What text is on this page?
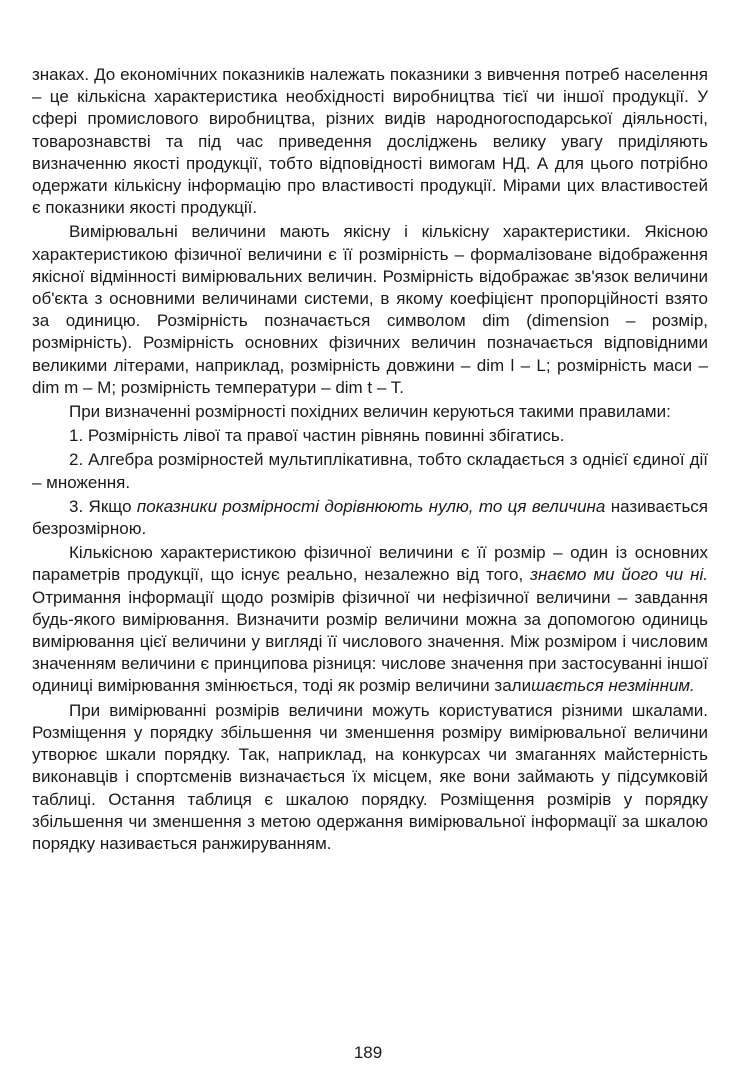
знаках. До економічних показників належать показники з вивчення потреб населення – це кількісна характеристика необхідності виробництва тієї чи іншої продукції. У сфері промислового виробництва, різних видів народногосподарської діяльності, товарознавстві та під час приведення досліджень велику увагу приділяють визначенню якості продукції, тобто відповідності вимогам НД. А для цього потрібно одержати кількісну інформацію про властивості продукції. Мірами цих властивостей є показники якості продукції.

Вимірювальні величини мають якісну і кількісну характеристики. Якісною характеристикою фізичної величини є її розмірність – формалізоване відображення якісної відмінності вимірювальних величин. Розмірність відображає зв'язок величини об'єкта з основними величинами системи, в якому коефіцієнт пропорційності взято за одиницю. Розмірність позначається символом dim (dimension – розмір, розмірність). Розмірність основних фізичних величин позначається відповідними великими літерами, наприклад, розмірність довжини – dim l – L; розмірність маси – dim m – M; розмірність температури – dim t – T.

При визначенні розмірності похідних величин керуються такими правилами:

1. Розмірність лівої та правої частин рівнянь повинні збігатись.

2. Алгебра розмірностей мультиплікативна, тобто складається з однієї єдиної дії – множення.

3. Якщо показники розмірності дорівнюють нулю, то ця величина називається безрозмірною.

Кількісною характеристикою фізичної величини є її розмір – один із основних параметрів продукції, що існує реально, незалежно від того, знаємо ми його чи ні. Отримання інформації щодо розмірів фізичної чи нефізичної величини – завдання будь-якого вимірювання. Визначити розмір величини можна за допомогою одиниць вимірювання цієї величини у вигляді її числового значення. Між розміром і числовим значенням величини є принципова різниця: числове значення при застосуванні іншої одиниці вимірювання змінюється, тоді як розмір величини залишається незмінним.

При вимірюванні розмірів величини можуть користуватися різними шкалами. Розміщення у порядку збільшення чи зменшення розміру вимірювальної величини утворює шкали порядку. Так, наприклад, на конкурсах чи змаганнях майстерність виконавців і спортсменів визначається їх місцем, яке вони займають у підсумковій таблиці. Остання таблиця є шкалою порядку. Розміщення розмірів у порядку збільшення чи зменшення з метою одержання вимірювальної інформації за шкалою порядку називається ранжируванням.

189
